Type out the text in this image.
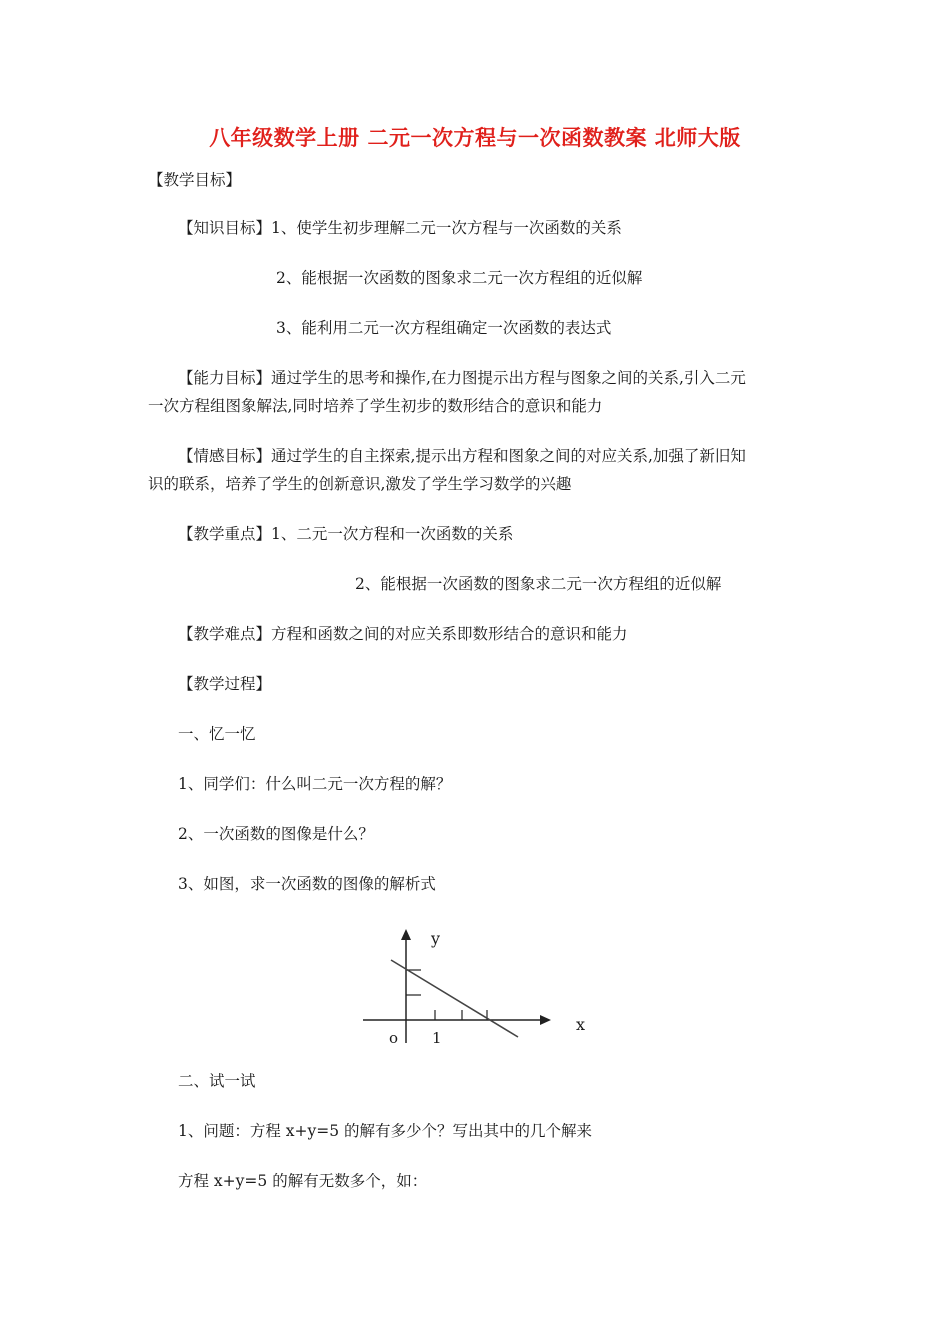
八年级数学上册 二元一次方程与一次函数教案 北师大版
【教学目标】
【知识目标】1、使学生初步理解二元一次方程与一次函数的关系
2、能根据一次函数的图象求二元一次方程组的近似解
3、能利用二元一次方程组确定一次函数的表达式
【能力目标】通过学生的思考和操作,在力图提示出方程与图象之间的关系,引入二元
一次方程组图象解法,同时培养了学生初步的数形结合的意识和能力
【情感目标】通过学生的自主探索,提示出方程和图象之间的对应关系,加强了新旧知
识的联系，培养了学生的创新意识,激发了学生学习数学的兴趣
【教学重点】1、二元一次方程和一次函数的关系
2、能根据一次函数的图象求二元一次方程组的近似解
【教学难点】方程和函数之间的对应关系即数形结合的意识和能力
【教学过程】
一、忆一忆
1、同学们：什么叫二元一次方程的解？
2、一次函数的图像是什么？
3、如图，求一次函数的图像的解析式
y
x
o 1
二、试一试
1、问题：方程 x+y=5 的解有多少个？写出其中的几个解来
方程 x+y=5 的解有无数多个，如：
